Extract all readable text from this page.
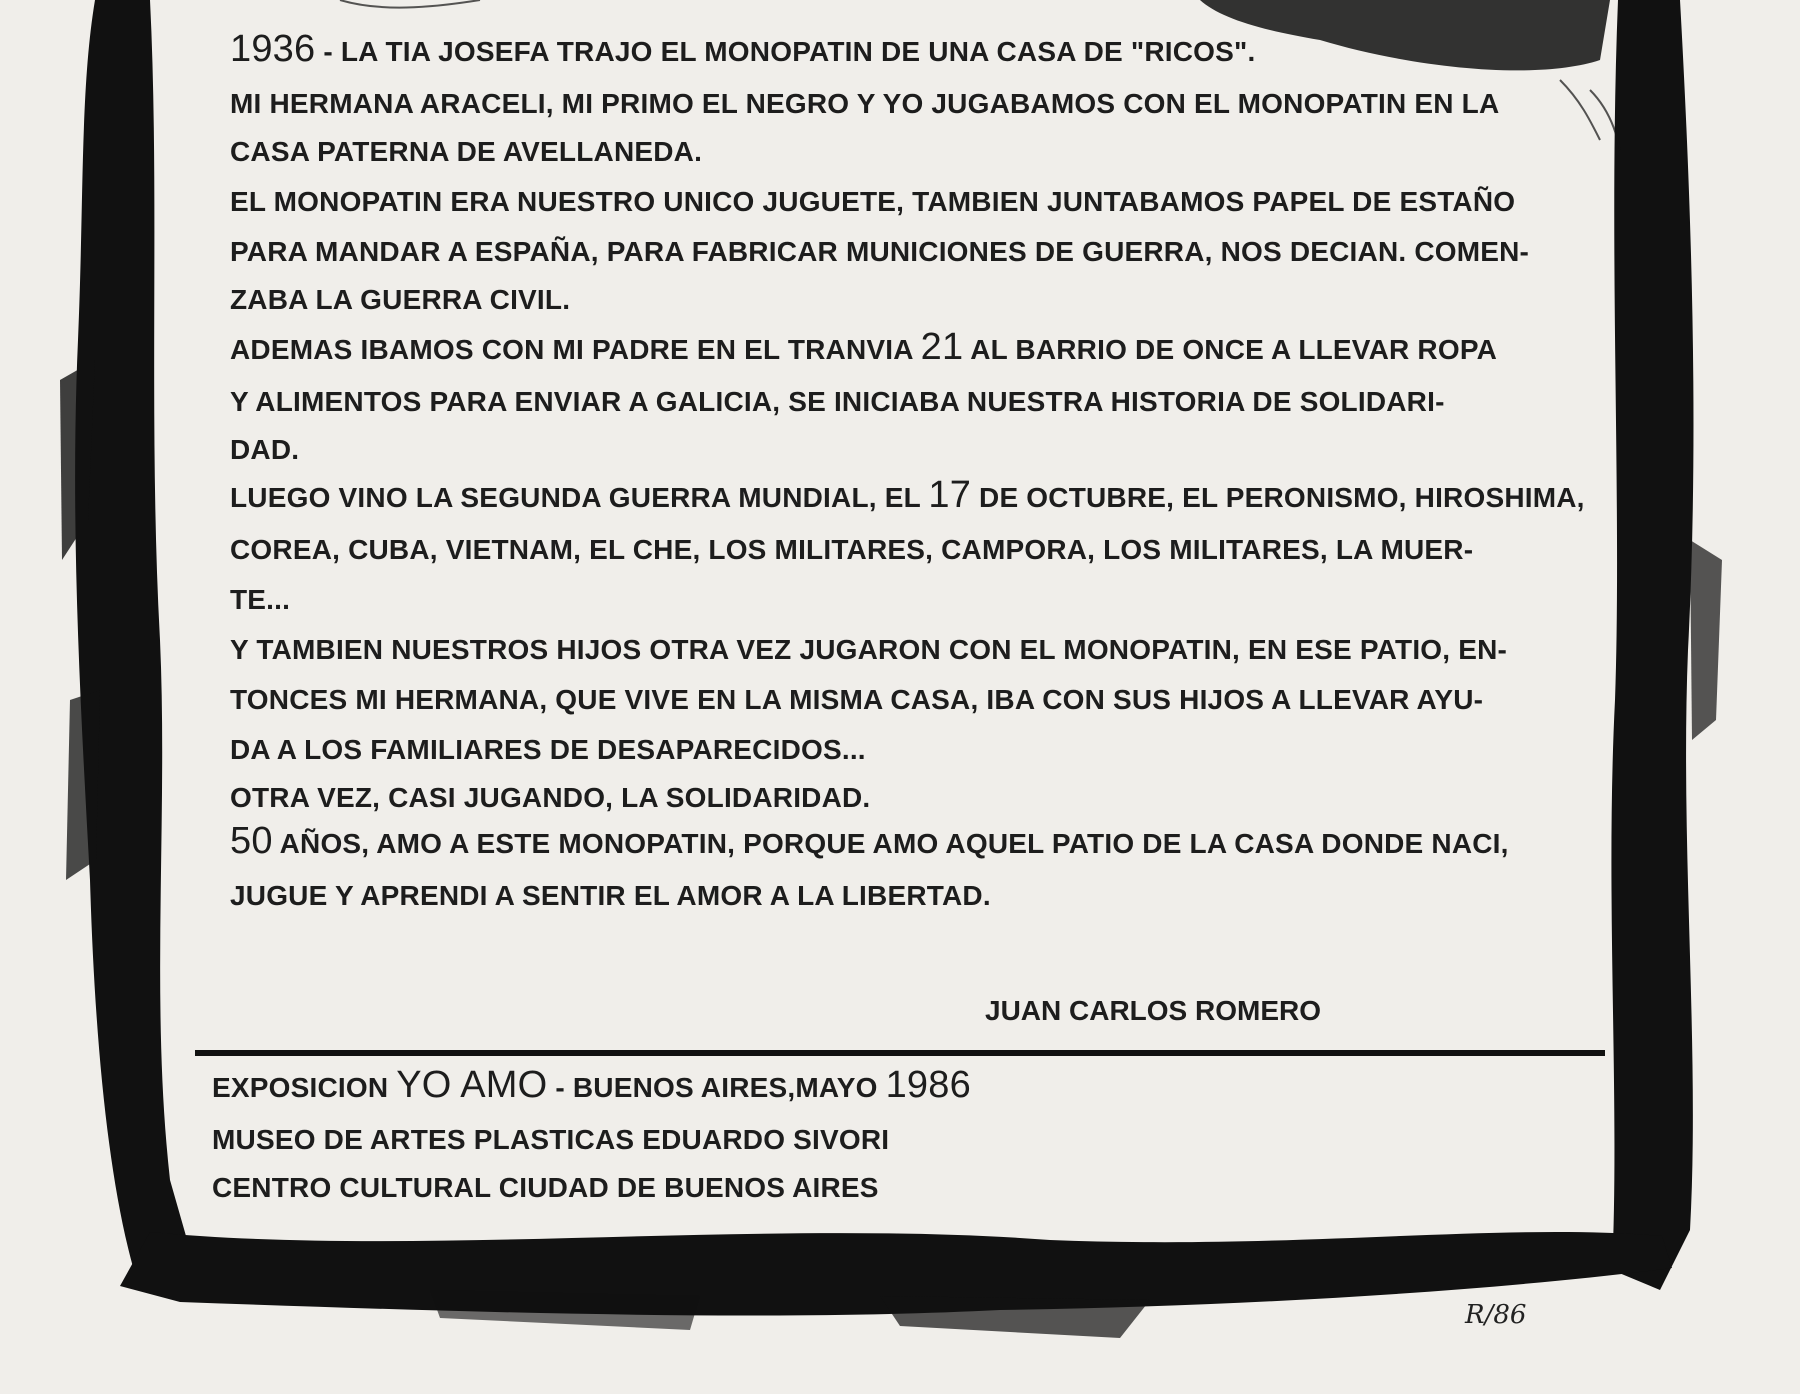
1936 - LA TIA JOSEFA TRAJO EL MONOPATIN DE UNA CASA DE "RICOS".

MI HERMANA ARACELI, MI PRIMO EL NEGRO Y YO JUGABAMOS CON EL MONOPATIN EN LA

CASA PATERNA DE AVELLANEDA.

EL MONOPATIN ERA NUESTRO UNICO JUGUETE, TAMBIEN JUNTABAMOS PAPEL DE ESTAÑO

PARA MANDAR A ESPAÑA, PARA FABRICAR MUNICIONES DE GUERRA, NOS DECIAN. COMEN-

ZABA LA GUERRA CIVIL.

ADEMAS IBAMOS CON MI PADRE EN EL TRANVIA 21 AL BARRIO DE ONCE A LLEVAR ROPA

Y ALIMENTOS PARA ENVIAR A GALICIA, SE INICIABA NUESTRA HISTORIA DE SOLIDARI-

DAD.

LUEGO VINO LA SEGUNDA GUERRA MUNDIAL, EL 17 DE OCTUBRE, EL PERONISMO, HIROSHIMA,

COREA, CUBA, VIETNAM, EL CHE, LOS MILITARES, CAMPORA, LOS MILITARES, LA MUER-

TE...

Y TAMBIEN NUESTROS HIJOS OTRA VEZ JUGARON CON EL MONOPATIN, EN ESE PATIO, EN-

TONCES MI HERMANA, QUE VIVE EN LA MISMA CASA, IBA CON SUS HIJOS A LLEVAR AYU-

DA A LOS FAMILIARES DE DESAPARECIDOS...

OTRA VEZ, CASI JUGANDO, LA SOLIDARIDAD.

50 AÑOS, AMO A ESTE MONOPATIN, PORQUE AMO AQUEL PATIO DE LA CASA DONDE NACI,

JUGUE Y APRENDI A SENTIR EL AMOR A LA LIBERTAD.

JUAN CARLOS ROMERO

EXPOSICION YO AMO - BUENOS AIRES,MAYO 1986

MUSEO DE ARTES PLASTICAS EDUARDO SIVORI

CENTRO CULTURAL CIUDAD DE BUENOS AIRES

R/86
